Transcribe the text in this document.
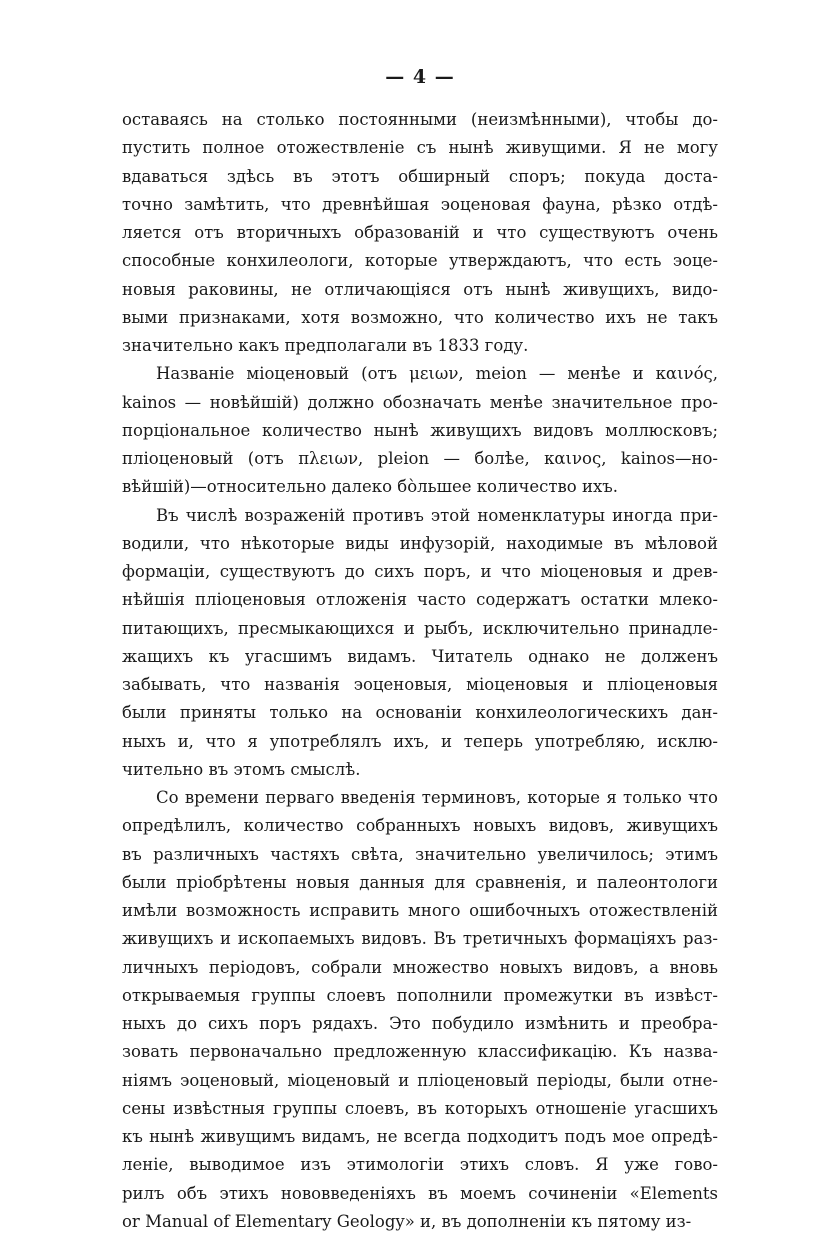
— 4 —
оставаясь на столько постоянными (неизмѣнными), чтобы до-
пустить полное отожествленіе съ нынѣ живущими. Я не могу
вдаваться здѣсь въ этотъ обширный споръ; покуда доста-
точно замѣтить, что древнѣйшая эоценовая фауна, рѣзко отдѣ-
ляется отъ вторичныхъ образованій и что существуютъ очень
способные конхилеологи, которые утверждаютъ, что есть эоце-
новыя раковины, не отличающіяся отъ нынѣ живущихъ, видо-
выми признаками, хотя возможно, что количество ихъ не такъ
значительно какъ предполагали въ 1833 году.
Названіе міоценовый (отъ μειων, meion — менѣе и καινός,
kainos — новѣйшій) должно обозначать менѣе значительное про-
порціональное количество нынѣ живущихъ видовъ моллюсковъ;
пліоценовый (отъ πλειων, pleion — болѣе, καινος, kainos—но-
вѣйшій)—относительно далеко бо̀льшее количество ихъ.
Въ числѣ возраженій противъ этой номенклатуры иногда при-
водили, что нѣкоторые виды инфузорій, находимые въ мѣловой
формаціи, существуютъ до сихъ поръ, и что міоценовыя и древ-
нѣйшія пліоценовыя отложенія часто содержатъ остатки млеко-
питающихъ, пресмыкающихся и рыбъ, исключительно принадле-
жащихъ къ угасшимъ видамъ. Читатель однако не долженъ
забывать, что названія эоценовыя, міоценовыя и пліоценовыя
были приняты только на основаніи конхилеологическихъ дан-
ныхъ и, что я употреблялъ ихъ, и теперь употребляю, исклю-
чительно въ этомъ смыслѣ.
Со времени перваго введенія терминовъ, которые я только что
опредѣлилъ, количество собранныхъ новыхъ видовъ, живущихъ
въ различныхъ частяхъ свѣта, значительно увеличилось; этимъ
были пріобрѣтены новыя данныя для сравненія, и палеонтологи
имѣли возможность исправить много ошибочныхъ отожествленій
живущихъ и ископаемыхъ видовъ. Въ третичныхъ формаціяхъ раз-
личныхъ періодовъ, собрали множество новыхъ видовъ, а вновь
открываемыя группы слоевъ пополнили промежутки въ извѣст-
ныхъ до сихъ поръ рядахъ. Это побудило измѣнить и преобра-
зовать первоначально предложенную классификацію. Къ назва-
ніямъ эоценовый, міоценовый и пліоценовый періоды, были отне-
сены извѣстныя группы слоевъ, въ которыхъ отношеніе угасшихъ
къ нынѣ живущимъ видамъ, не всегда подходитъ подъ мое опредѣ-
леніе, выводимое изъ этимологіи этихъ словъ. Я уже гово-
рилъ объ этихъ нововведеніяхъ въ моемъ сочиненіи «Elements
or Manual of Elementary Geology» и, въ дополненіи къ пятому из-
